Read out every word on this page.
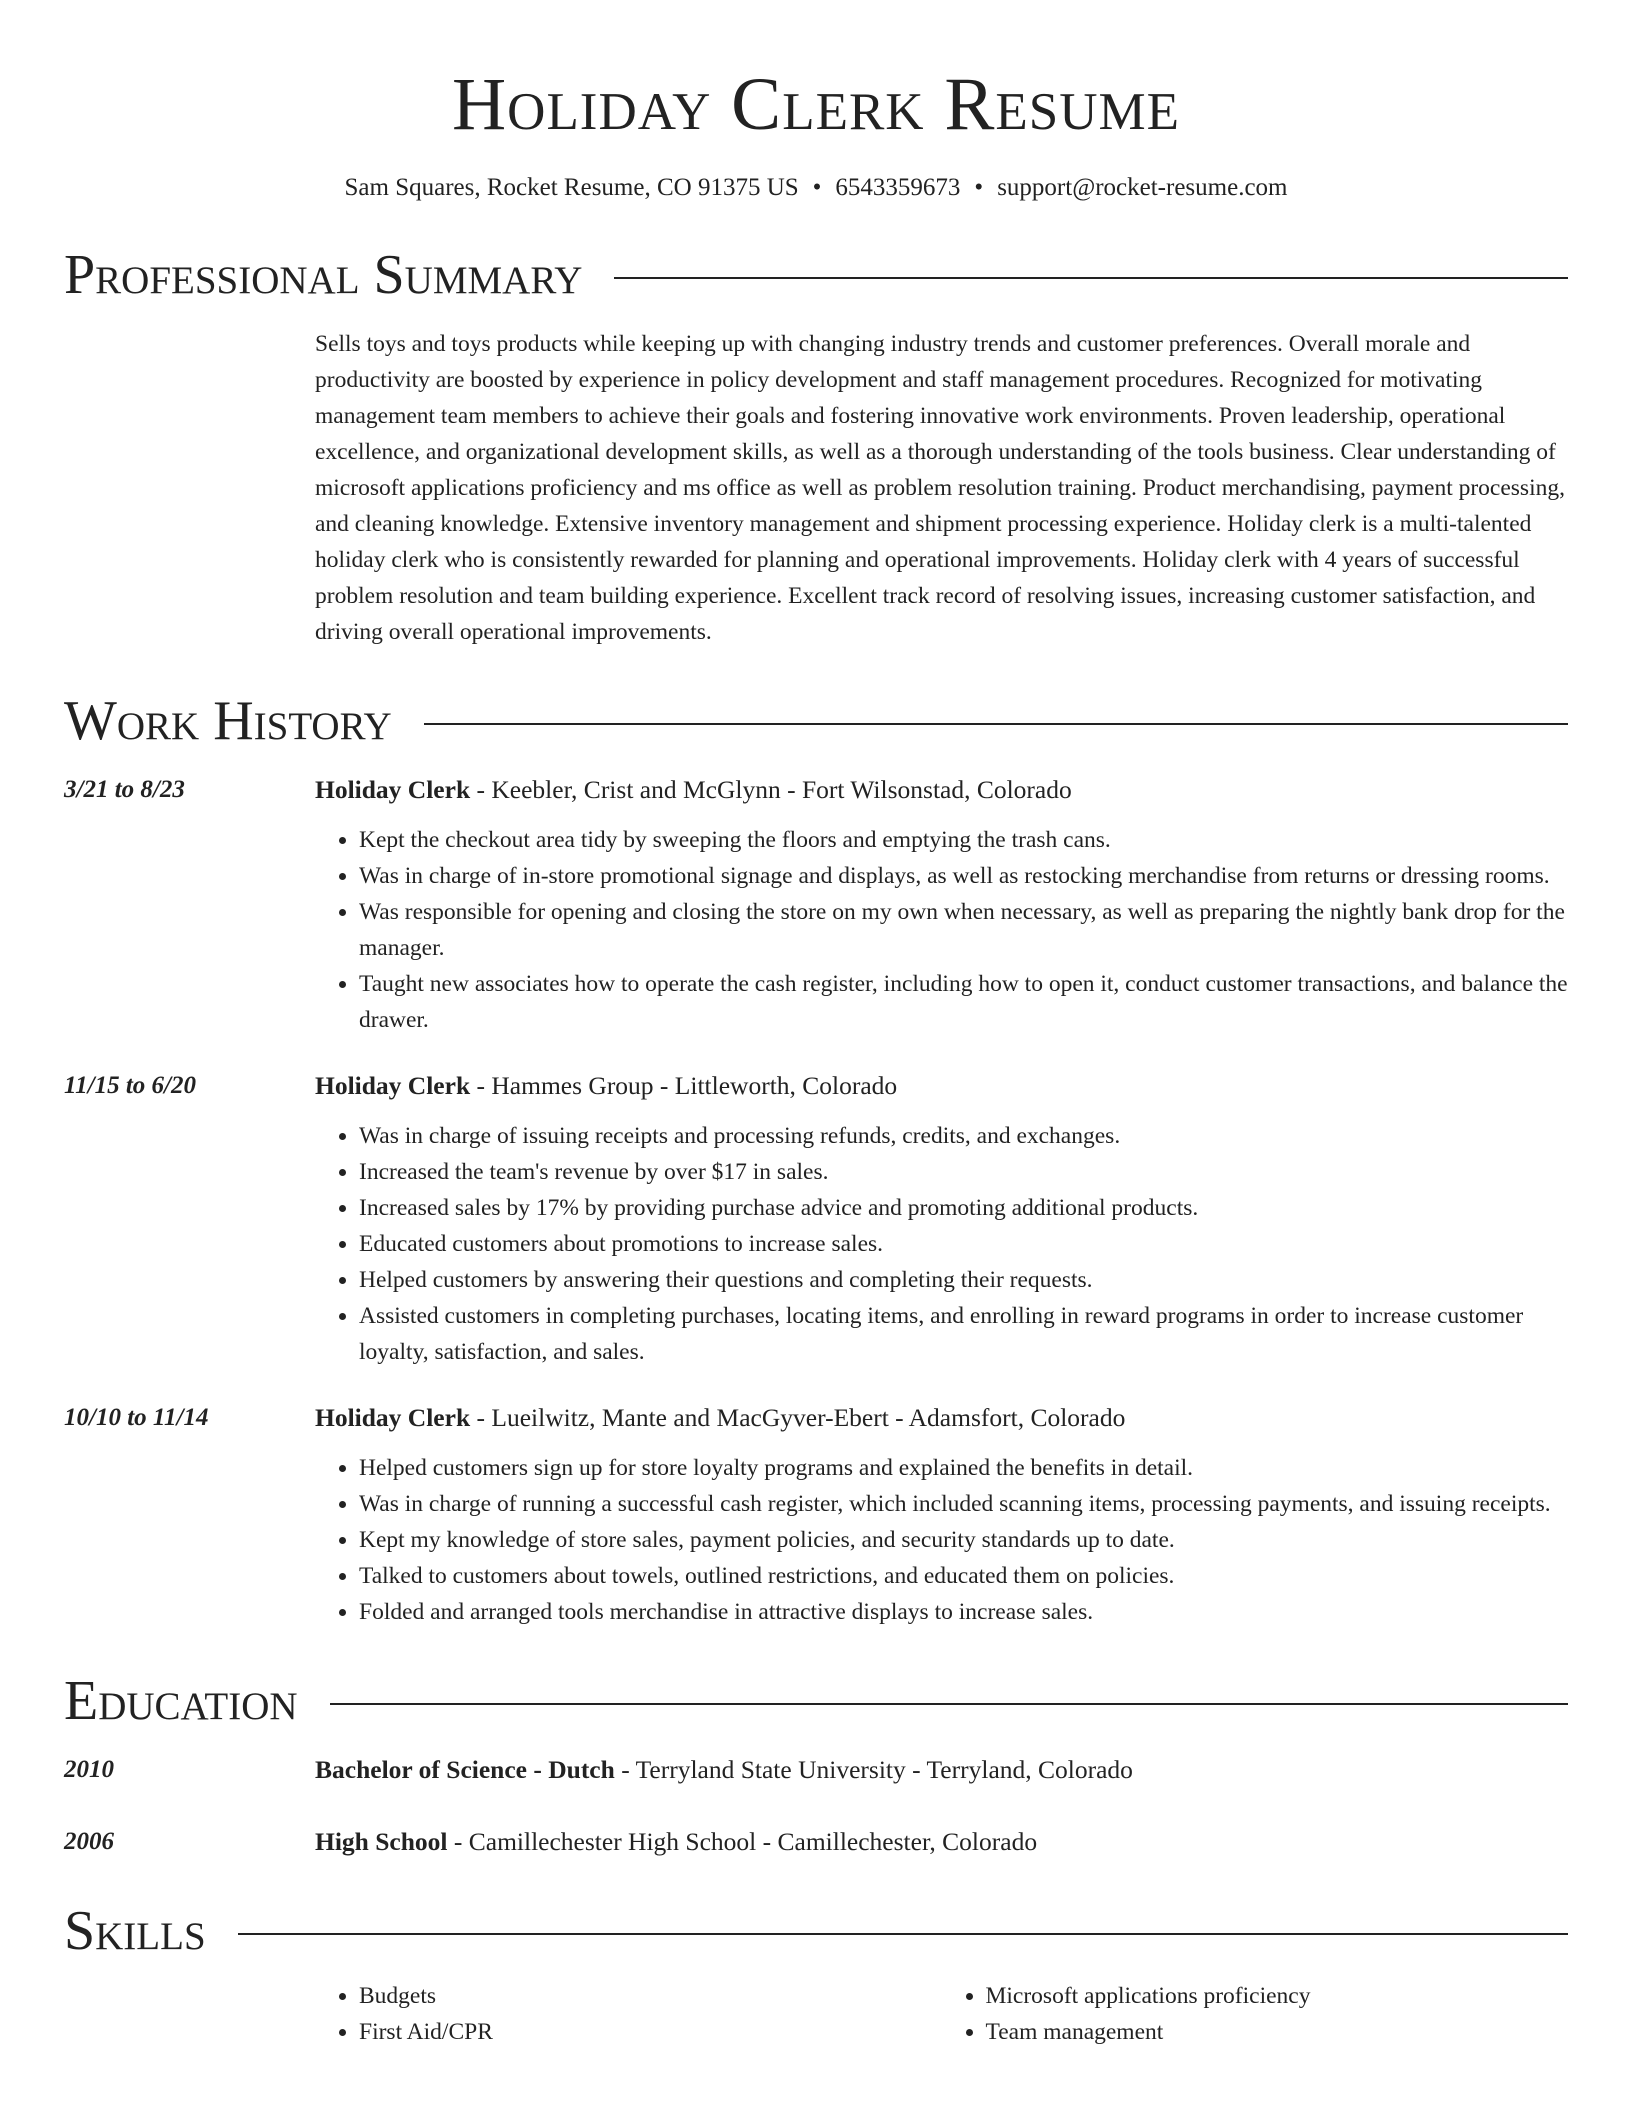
Holiday Clerk Resume
Sam Squares, Rocket Resume, CO 91375 US • 6543359673 • support@rocket-resume.com
Professional Summary
Sells toys and toys products while keeping up with changing industry trends and customer preferences. Overall morale and productivity are boosted by experience in policy development and staff management procedures. Recognized for motivating management team members to achieve their goals and fostering innovative work environments. Proven leadership, operational excellence, and organizational development skills, as well as a thorough understanding of the tools business. Clear understanding of microsoft applications proficiency and ms office as well as problem resolution training. Product merchandising, payment processing, and cleaning knowledge. Extensive inventory management and shipment processing experience. Holiday clerk is a multi-talented holiday clerk who is consistently rewarded for planning and operational improvements. Holiday clerk with 4 years of successful problem resolution and team building experience. Excellent track record of resolving issues, increasing customer satisfaction, and driving overall operational improvements.
Work History
3/21 to 8/23	Holiday Clerk - Keebler, Crist and McGlynn - Fort Wilsonstad, Colorado
• Kept the checkout area tidy by sweeping the floors and emptying the trash cans.
• Was in charge of in-store promotional signage and displays, as well as restocking merchandise from returns or dressing rooms.
• Was responsible for opening and closing the store on my own when necessary, as well as preparing the nightly bank drop for the manager.
• Taught new associates how to operate the cash register, including how to open it, conduct customer transactions, and balance the drawer.
11/15 to 6/20	Holiday Clerk - Hammes Group - Littleworth, Colorado
• Was in charge of issuing receipts and processing refunds, credits, and exchanges.
• Increased the team's revenue by over $17 in sales.
• Increased sales by 17% by providing purchase advice and promoting additional products.
• Educated customers about promotions to increase sales.
• Helped customers by answering their questions and completing their requests.
• Assisted customers in completing purchases, locating items, and enrolling in reward programs in order to increase customer loyalty, satisfaction, and sales.
10/10 to 11/14	Holiday Clerk - Lueilwitz, Mante and MacGyver-Ebert - Adamsfort, Colorado
• Helped customers sign up for store loyalty programs and explained the benefits in detail.
• Was in charge of running a successful cash register, which included scanning items, processing payments, and issuing receipts.
• Kept my knowledge of store sales, payment policies, and security standards up to date.
• Talked to customers about towels, outlined restrictions, and educated them on policies.
• Folded and arranged tools merchandise in attractive displays to increase sales.
Education
2010	Bachelor of Science - Dutch - Terryland State University - Terryland, Colorado
2006	High School - Camillechester High School - Camillechester, Colorado
Skills
• Budgets
• First Aid/CPR
• Microsoft applications proficiency
• Team management
